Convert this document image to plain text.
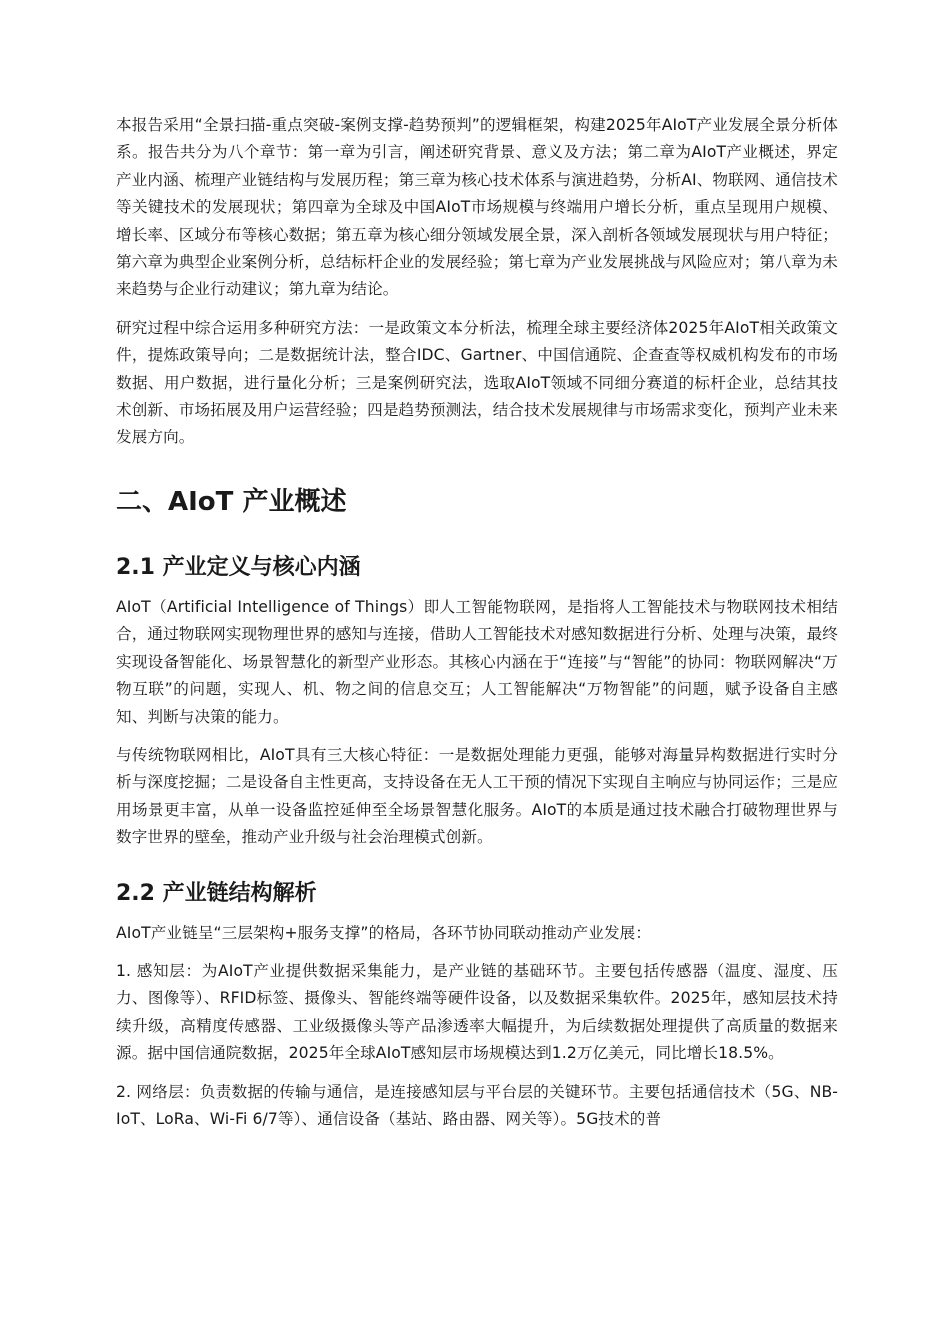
本报告采用“全景扫描-重点突破-案例支撑-趋势预判”的逻辑框架，构建2025年AIoT产业发展全景分析体系。报告共分为八个章节：第一章为引言，阐述研究背景、意义及方法；第二章为AIoT产业概述，界定产业内涵、梳理产业链结构与发展历程；第三章为核心技术体系与演进趋势，分析AI、物联网、通信技术等关键技术的发展现状；第四章为全球及中国AIoT市场规模与终端用户增长分析，重点呈现用户规模、增长率、区域分布等核心数据；第五章为核心细分领域发展全景，深入剖析各领域发展现状与用户特征；第六章为典型企业案例分析，总结标杆企业的发展经验；第七章为产业发展挑战与风险应对；第八章为未来趋势与企业行动建议；第九章为结论。

研究过程中综合运用多种研究方法：一是政策文本分析法，梳理全球主要经济体2025年AIoT相关政策文件，提炼政策导向；二是数据统计法，整合IDC、Gartner、中国信通院、企查查等权威机构发布的市场数据、用户数据，进行量化分析；三是案例研究法，选取AIoT领域不同细分赛道的标杆企业，总结其技术创新、市场拓展及用户运营经验；四是趋势预测法，结合技术发展规律与市场需求变化，预判产业未来发展方向。

二、AIoT 产业概述
2.1 产业定义与核心内涵

AIoT（Artificial Intelligence of Things）即人工智能物联网，是指将人工智能技术与物联网技术相结合，通过物联网实现物理世界的感知与连接，借助人工智能技术对感知数据进行分析、处理与决策，最终实现设备智能化、场景智慧化的新型产业形态。其核心内涵在于“连接”与“智能”的协同：物联网解决“万物互联”的问题，实现人、机、物之间的信息交互；人工智能解决“万物智能”的问题，赋予设备自主感知、判断与决策的能力。

与传统物联网相比，AIoT具有三大核心特征：一是数据处理能力更强，能够对海量异构数据进行实时分析与深度挖掘；二是设备自主性更高，支持设备在无人工干预的情况下实现自主响应与协同运作；三是应用场景更丰富，从单一设备监控延伸至全场景智慧化服务。AIoT的本质是通过技术融合打破物理世界与数字世界的壁垒，推动产业升级与社会治理模式创新。

2.2 产业链结构解析

AIoT产业链呈“三层架构+服务支撑”的格局，各环节协同联动推动产业发展：

1. 感知层：为AIoT产业提供数据采集能力，是产业链的基础环节。主要包括传感器（温度、湿度、压力、图像等）、RFID标签、摄像头、智能终端等硬件设备，以及数据采集软件。2025年，感知层技术持续升级，高精度传感器、工业级摄像头等产品渗透率大幅提升，为后续数据处理提供了高质量的数据来源。据中国信通院数据，2025年全球AIoT感知层市场规模达到1.2万亿美元，同比增长18.5%。

2. 网络层：负责数据的传输与通信，是连接感知层与平台层的关键环节。主要包括通信技术（5G、NB-IoT、LoRa、Wi-Fi 6/7等）、通信设备（基站、路由器、网关等）。5G技术的普
